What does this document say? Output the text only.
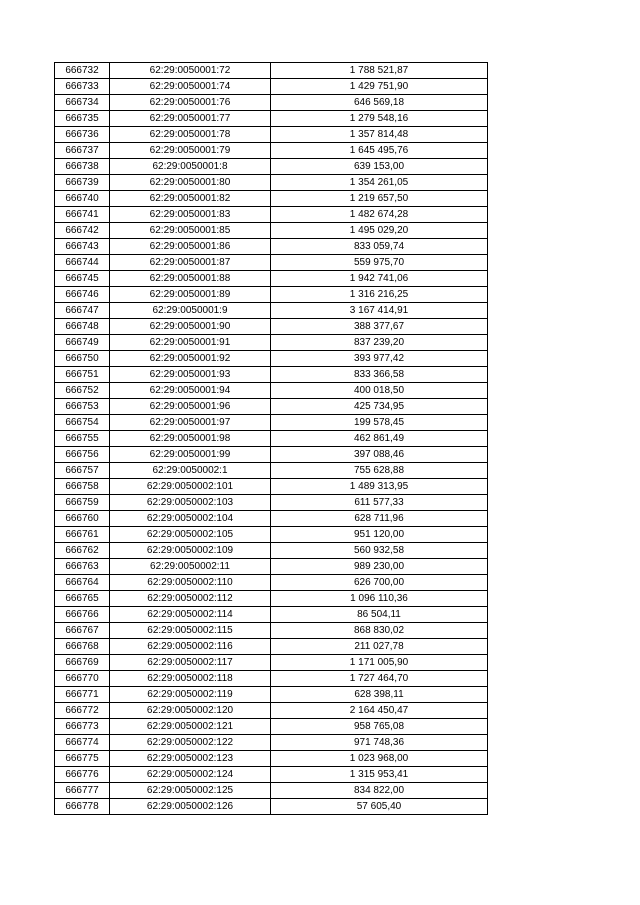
666732	62:29:0050001:72	1 788 521,87
666733	62:29:0050001:74	1 429 751,90
666734	62:29:0050001:76	646 569,18
666735	62:29:0050001:77	1 279 548,16
666736	62:29:0050001:78	1 357 814,48
666737	62:29:0050001:79	1 645 495,76
666738	62:29:0050001:8	639 153,00
666739	62:29:0050001:80	1 354 261,05
666740	62:29:0050001:82	1 219 657,50
666741	62:29:0050001:83	1 482 674,28
666742	62:29:0050001:85	1 495 029,20
666743	62:29:0050001:86	833 059,74
666744	62:29:0050001:87	559 975,70
666745	62:29:0050001:88	1 942 741,06
666746	62:29:0050001:89	1 316 216,25
666747	62:29:0050001:9	3 167 414,91
666748	62:29:0050001:90	388 377,67
666749	62:29:0050001:91	837 239,20
666750	62:29:0050001:92	393 977,42
666751	62:29:0050001:93	833 366,58
666752	62:29:0050001:94	400 018,50
666753	62:29:0050001:96	425 734,95
666754	62:29:0050001:97	199 578,45
666755	62:29:0050001:98	462 861,49
666756	62:29:0050001:99	397 088,46
666757	62:29:0050002:1	755 628,88
666758	62:29:0050002:101	1 489 313,95
666759	62:29:0050002:103	611 577,33
666760	62:29:0050002:104	628 711,96
666761	62:29:0050002:105	951 120,00
666762	62:29:0050002:109	560 932,58
666763	62:29:0050002:11	989 230,00
666764	62:29:0050002:110	626 700,00
666765	62:29:0050002:112	1 096 110,36
666766	62:29:0050002:114	86 504,11
666767	62:29:0050002:115	868 830,02
666768	62:29:0050002:116	211 027,78
666769	62:29:0050002:117	1 171 005,90
666770	62:29:0050002:118	1 727 464,70
666771	62:29:0050002:119	628 398,11
666772	62:29:0050002:120	2 164 450,47
666773	62:29:0050002:121	958 765,08
666774	62:29:0050002:122	971 748,36
666775	62:29:0050002:123	1 023 968,00
666776	62:29:0050002:124	1 315 953,41
666777	62:29:0050002:125	834 822,00
666778	62:29:0050002:126	57 605,40
